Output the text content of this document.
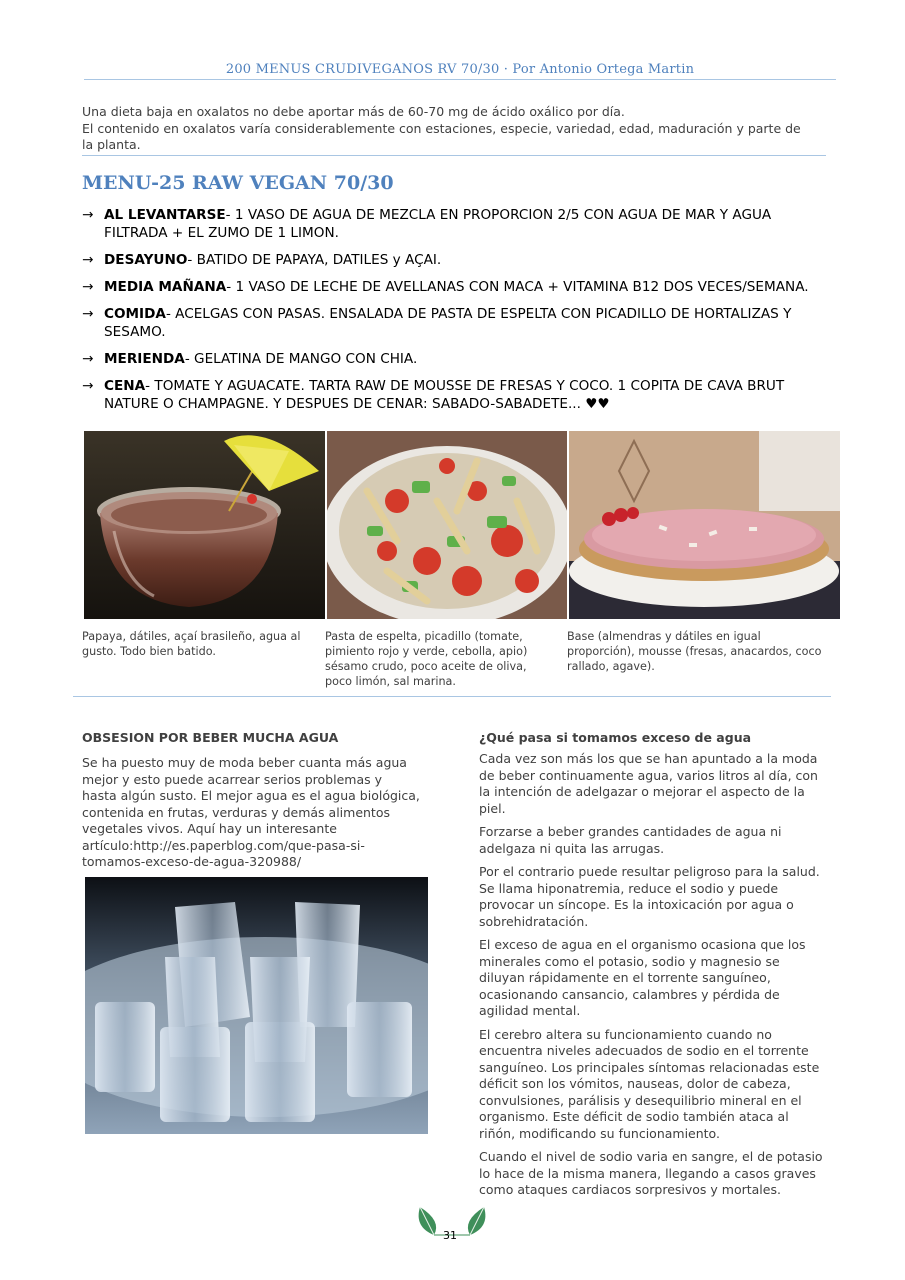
200 MENUS CRUDIVEGANOS RV 70/30 · Por Antonio Ortega Martin

Una dieta baja en oxalatos no debe aportar más de 60-70 mg de ácido oxálico por día.

El contenido en oxalatos varía considerablemente con estaciones, especie, variedad, edad, maduración y parte de la planta.

MENU-25 RAW VEGAN 70/30
→ AL LEVANTARSE- 1 VASO DE AGUA DE MEZCLA EN PROPORCION 2/5 CON AGUA DE MAR Y AGUA FILTRADA + EL ZUMO DE 1 LIMON.
→ DESAYUNO- BATIDO DE PAPAYA, DATILES y AÇAI.
→ MEDIA MAÑANA- 1 VASO DE LECHE DE AVELLANAS CON MACA + VITAMINA B12 DOS VECES/SEMANA.
→ COMIDA- ACELGAS CON PASAS. ENSALADA DE PASTA DE ESPELTA CON PICADILLO DE HORTALIZAS Y SESAMO.
→ MERIENDA- GELATINA DE MANGO CON CHIA.
→ CENA- TOMATE Y AGUACATE. TARTA RAW DE MOUSSE DE FRESAS Y COCO. 1 COPITA DE CAVA BRUT NATURE O CHAMPAGNE. Y DESPUES DE CENAR: SABADO-SABADETE... ♥♥
Papaya, dátiles, açaí brasileño, agua al gusto. Todo bien batido.
Pasta de espelta, picadillo (tomate, pimiento rojo y verde, cebolla, apio) sésamo crudo, poco aceite de oliva, poco limón, sal marina.
Base (almendras y dátiles en igual proporción), mousse (fresas, anacardos, coco rallado, agave).
OBSESION POR BEBER MUCHA AGUA

Se ha puesto muy de moda beber cuanta más agua mejor y esto puede acarrear serios problemas y hasta algún susto. El mejor agua es el agua biológica, contenida en frutas, verduras y demás alimentos vegetales vivos. Aquí hay un interesante artículo:http://es.paperblog.com/que-pasa-si-tomamos-exceso-de-agua-320988/

¿Qué pasa si tomamos exceso de agua

Cada vez son más los que se han apuntado a la moda de beber continuamente agua, varios litros al día, con la intención de adelgazar o mejorar el aspecto de la piel.

Forzarse a beber grandes cantidades de agua ni adelgaza ni quita las arrugas.

Por el contrario puede resultar peligroso para la salud. Se llama hiponatremia, reduce el sodio y puede provocar un síncope. Es la intoxicación por agua o sobrehidratación.

El exceso de agua en el organismo ocasiona que los minerales como el potasio, sodio y magnesio se diluyan rápidamente en el torrente sanguíneo, ocasionando cansancio, calambres y pérdida de agilidad mental.

El cerebro altera su funcionamiento cuando no encuentra niveles adecuados de sodio en el torrente sanguíneo. Los principales síntomas relacionadas este déficit son los vómitos, nauseas, dolor de cabeza, convulsiones, parálisis y desequilibrio mineral en el organismo. Este déficit de sodio también ataca al riñón, modificando su funcionamiento.

Cuando el nivel de sodio varia en sangre, el de potasio lo hace de la misma manera, llegando a casos graves como ataques cardiacos sorpresivos y mortales.

31
